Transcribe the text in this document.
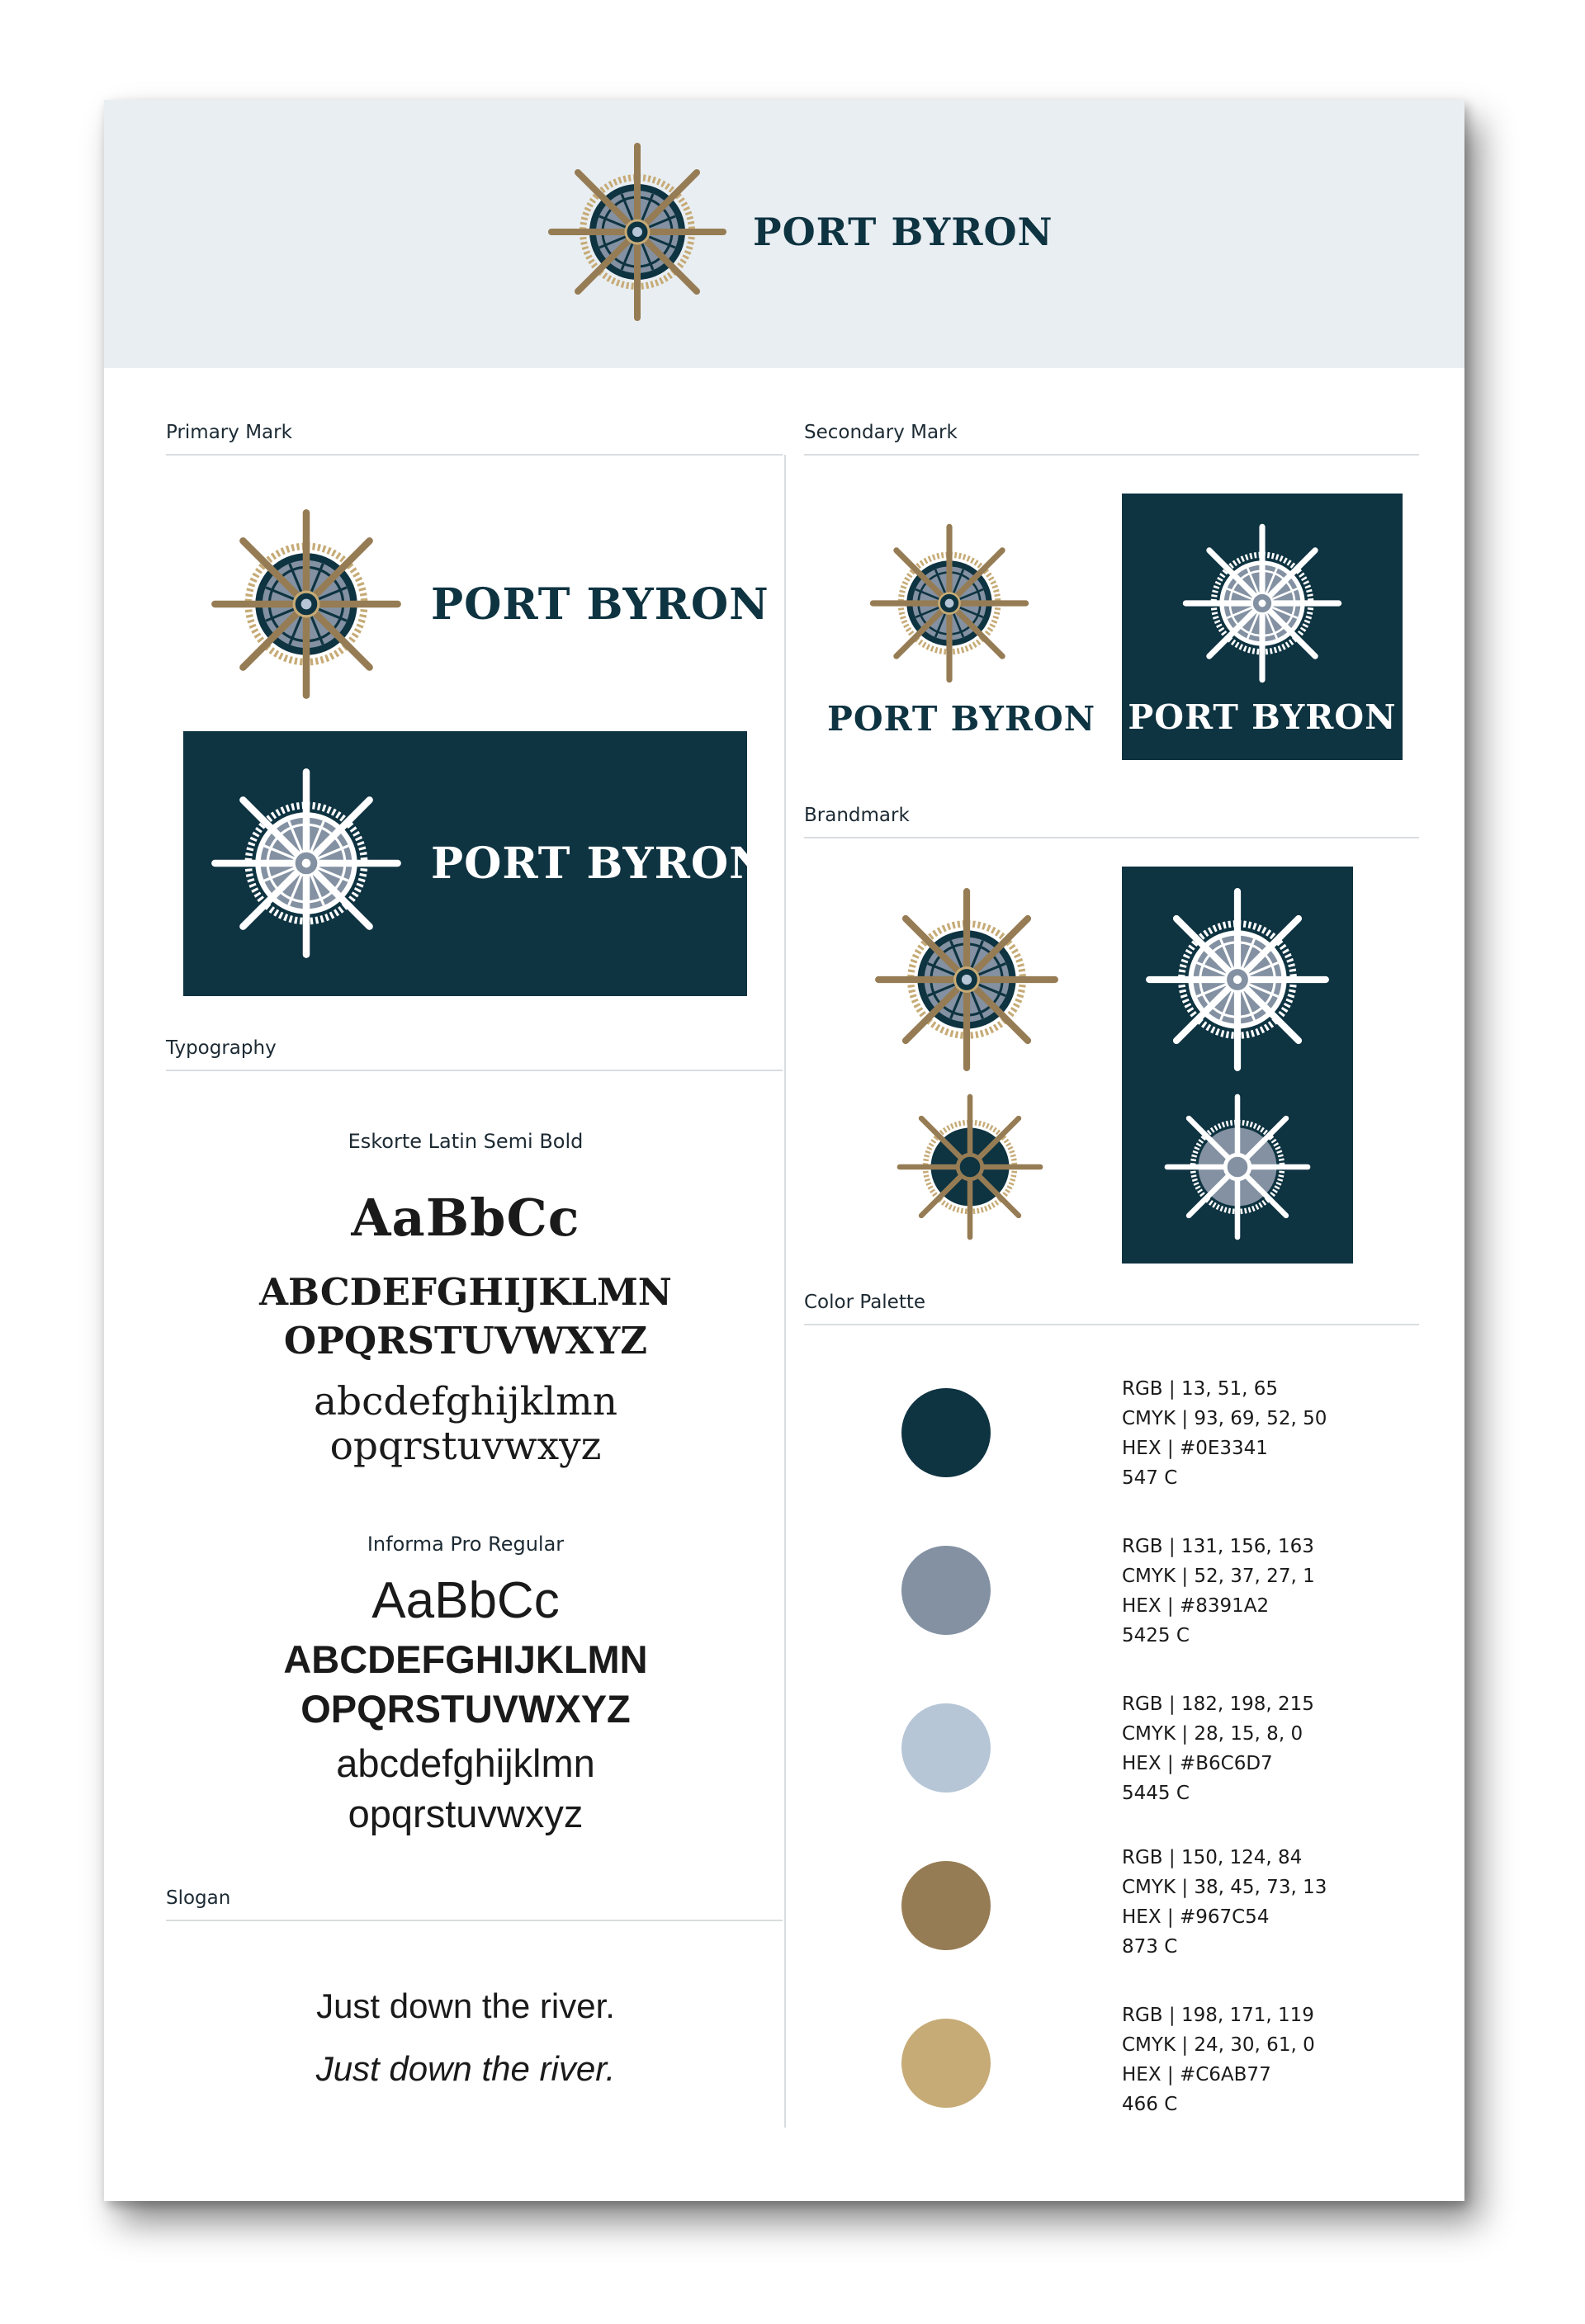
PORT BYRON
Primary Mark
PORT BYRON
PORT BYRON
Typography
Eskorte Latin Semi Bold
AaBbCc
ABCDEFGHIJKLMN
OPQRSTUVWXYZ
abcdefghijklmn
opqrstuvwxyz
Informa Pro Regular
AaBbCc
ABCDEFGHIJKLMN
OPQRSTUVWXYZ
abcdefghijklmn
opqrstuvwxyz
Slogan
Just down the river.
Just down the river.
Secondary Mark
PORT BYRON PORT BYRON
Brandmark
Color Palette
RGB | 13, 51, 65
CMYK | 93, 69, 52, 50
HEX | #0E3341
547 C
RGB | 131, 156, 163
CMYK | 52, 37, 27, 1
HEX | #8391A2
5425 C
RGB | 182, 198, 215
CMYK | 28, 15, 8, 0
HEX | #B6C6D7
5445 C
RGB | 150, 124, 84
CMYK | 38, 45, 73, 13
HEX | #967C54
873 C
RGB | 198, 171, 119
CMYK | 24, 30, 61, 0
HEX | #C6AB77
466 C
